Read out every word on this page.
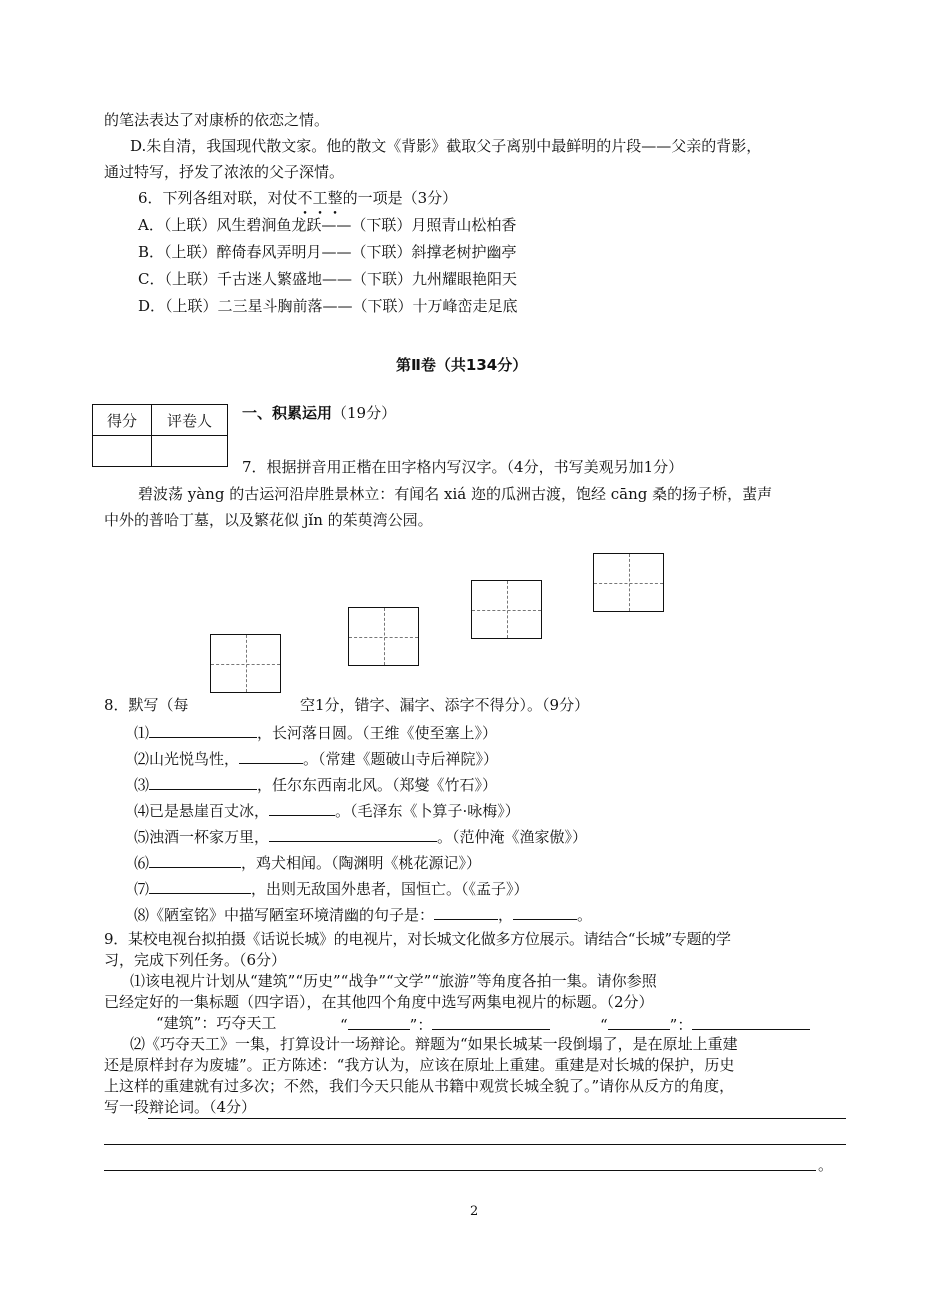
的笔法表达了对康桥的依恋之情。
D.朱自清，我国现代散文家。他的散文《背影》截取父子离别中最鲜明的片段——父亲的背影，
通过特写，抒发了浓浓的父子深情。
6．下列各组对联，对仗不工整的一项是（3分）
A．（上联）风生碧涧鱼龙跃——（下联）月照青山松柏香
B．（上联）醉倚春风弄明月——（下联）斜撑老树护幽亭
C．（上联）千古迷人繁盛地——（下联）九州耀眼艳阳天
D．（上联）二三星斗胸前落——（下联）十万峰峦走足底
第Ⅱ卷（共134分）
得分	评卷人
	一、积累运用（19分）
7．根据拼音用正楷在田字格内写汉字。（4分，书写美观另加1分）
碧波荡 yàng 的古运河沿岸胜景林立：有闻名 xiá 迩的瓜洲古渡，饱经 cāng 桑的扬子桥，蜚声
中外的普哈丁墓，以及繁花似 jǐn 的茱萸湾公园。
8．默写（每	空1分，错字、漏字、添字不得分）。（9分）
⑴	，长河落日圆。（王维《使至塞上》）
⑵山光悦鸟性，	。（常建《题破山寺后禅院》）
⑶	，任尔东西南北风。（郑燮《竹石》）
⑷已是悬崖百丈冰，	。（毛泽东《卜算子·咏梅》）
⑸浊酒一杯家万里，	。（范仲淹《渔家傲》）
⑹	，鸡犬相闻。（陶渊明《桃花源记》）
⑺	，出则无敌国外患者，国恒亡。（《孟子》）
⑻《陋室铭》中描写陋室环境清幽的句子是：	，	。
9．某校电视台拟拍摄《话说长城》的电视片，对长城文化做多方位展示。请结合“长城”专题的学
习，完成下列任务。（6分）
⑴该电视片计划从“建筑”“历史”“战争”“文学”“旅游”等角度各拍一集。请你参照
已经定好的一集标题（四字语），在其他四个角度中选写两集电视片的标题。（2分）
“建筑”：巧夺天工	“	”：	“	”：
⑵《巧夺天工》一集，打算设计一场辩论。辩题为“如果长城某一段倒塌了，是在原址上重建
还是原样封存为废墟”。正方陈述：“我方认为，应该在原址上重建。重建是对长城的保护，历史
上这样的重建就有过多次；不然，我们今天只能从书籍中观赏长城全貌了。”请你从反方的角度，
写一段辩论词。（4分）
。
2
